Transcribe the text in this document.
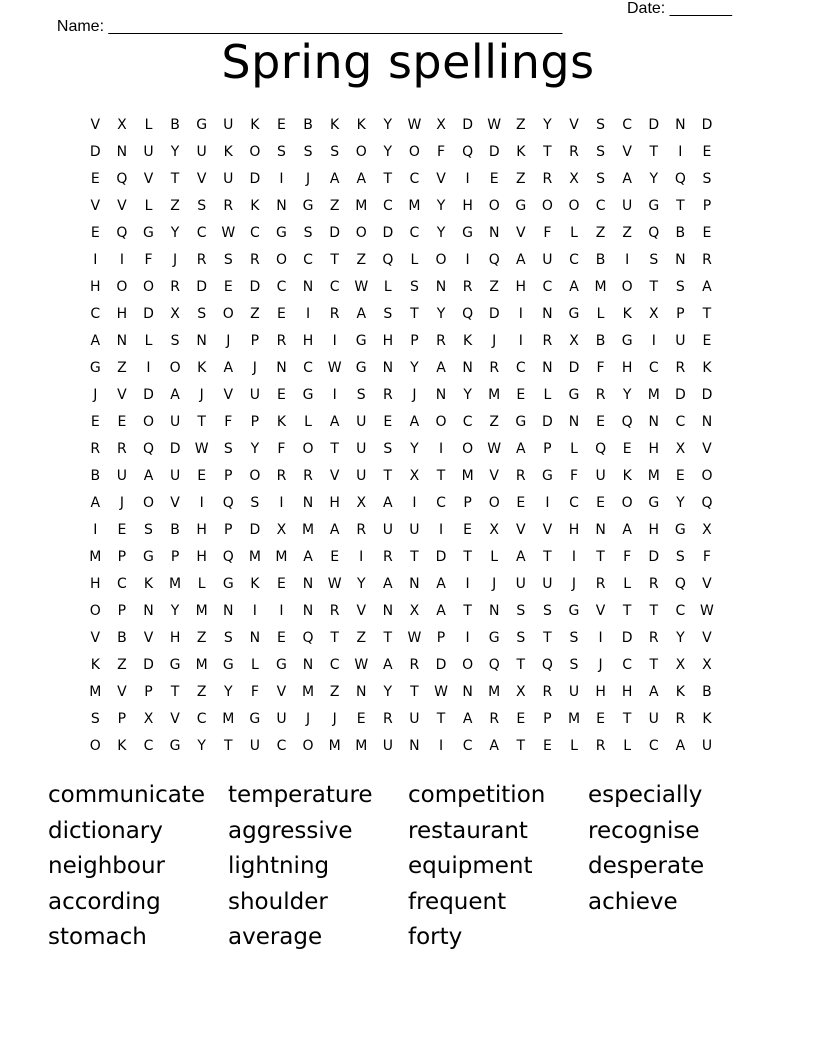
Name: ___________________________________________________

Date: _______

Spring spellings
V	X	L	B	G	U	K	E	B	K	K	Y	W	X	D	W	Z	Y	V	S	C	D	N	D
D	N	U	Y	U	K	O	S	S	S	O	Y	O	F	Q	D	K	T	R	S	V	T	I	E
E	Q	V	T	V	U	D	I	J	A	A	T	C	V	I	E	Z	R	X	S	A	Y	Q	S
V	V	L	Z	S	R	K	N	G	Z	M	C	M	Y	H	O	G	O	O	C	U	G	T	P
E	Q	G	Y	C	W	C	G	S	D	O	D	C	Y	G	N	V	F	L	Z	Z	Q	B	E
I	I	F	J	R	S	R	O	C	T	Z	Q	L	O	I	Q	A	U	C	B	I	S	N	R
H	O	O	R	D	E	D	C	N	C	W	L	S	N	R	Z	H	C	A	M	O	T	S	A
C	H	D	X	S	O	Z	E	I	R	A	S	T	Y	Q	D	I	N	G	L	K	X	P	T
A	N	L	S	N	J	P	R	H	I	G	H	P	R	K	J	I	R	X	B	G	I	U	E
G	Z	I	O	K	A	J	N	C	W	G	N	Y	A	N	R	C	N	D	F	H	C	R	K
J	V	D	A	J	V	U	E	G	I	S	R	J	N	Y	M	E	L	G	R	Y	M	D	D
E	E	O	U	T	F	P	K	L	A	U	E	A	O	C	Z	G	D	N	E	Q	N	C	N
R	R	Q	D	W	S	Y	F	O	T	U	S	Y	I	O	W	A	P	L	Q	E	H	X	V
B	U	A	U	E	P	O	R	R	V	U	T	X	T	M	V	R	G	F	U	K	M	E	O
A	J	O	V	I	Q	S	I	N	H	X	A	I	C	P	O	E	I	C	E	O	G	Y	Q
I	E	S	B	H	P	D	X	M	A	R	U	U	I	E	X	V	V	H	N	A	H	G	X
M	P	G	P	H	Q	M	M	A	E	I	R	T	D	T	L	A	T	I	T	F	D	S	F
H	C	K	M	L	G	K	E	N	W	Y	A	N	A	I	J	U	U	J	R	L	R	Q	V
O	P	N	Y	M	N	I	I	N	R	V	N	X	A	T	N	S	S	G	V	T	T	C	W
V	B	V	H	Z	S	N	E	Q	T	Z	T	W	P	I	G	S	T	S	I	D	R	Y	V
K	Z	D	G	M	G	L	G	N	C	W	A	R	D	O	Q	T	Q	S	J	C	T	X	X
M	V	P	T	Z	Y	F	V	M	Z	N	Y	T	W	N	M	X	R	U	H	H	A	K	B
S	P	X	V	C	M	G	U	J	J	E	R	U	T	A	R	E	P	M	E	T	U	R	K
O	K	C	G	Y	T	U	C	O	M	M	U	N	I	C	A	T	E	L	R	L	C	A	U
communicate	temperature	competition	especially
dictionary	aggressive	restaurant	recognise
neighbour	lightning	equipment	desperate
according	shoulder	frequent	achieve
stomach	average	forty
